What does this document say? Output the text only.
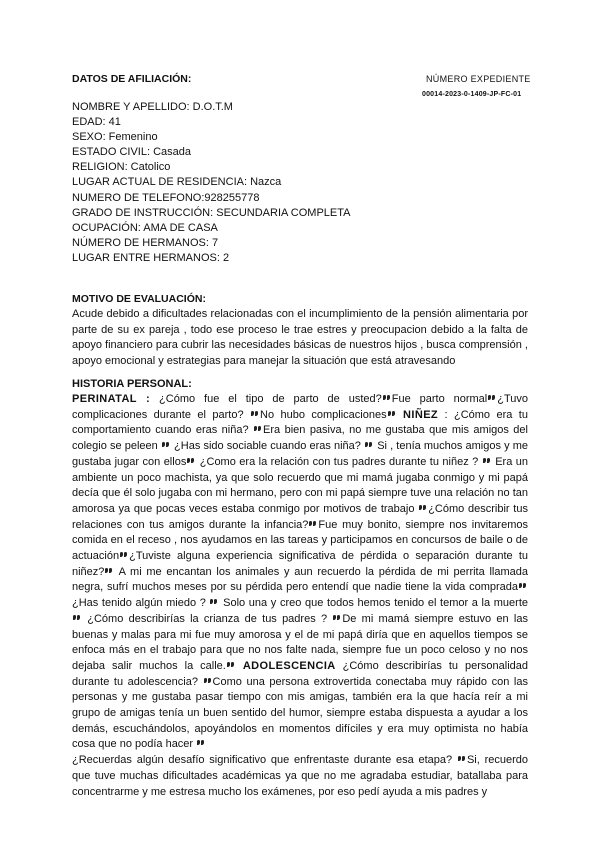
DATOS DE AFILIACIÓN:	NÚMERO EXPEDIENTE
00014-2023-0-1409-JP-FC-01
NOMBRE Y APELLIDO: D.O.T.M
EDAD: 41
SEXO: Femenino
ESTADO CIVIL: Casada
RELIGION: Catolico
LUGAR ACTUAL DE RESIDENCIA: Nazca
NUMERO DE TELEFONO:928255778
GRADO DE INSTRUCCIÓN: SECUNDARIA COMPLETA
OCUPACIÓN: AMA DE CASA
NÚMERO DE HERMANOS: 7
LUGAR ENTRE HERMANOS: 2
MOTIVO DE EVALUACIÓN:
Acude debido a dificultades relacionadas con el incumplimiento de la pensión alimentaria por parte de su ex pareja , todo ese proceso le trae estres y preocupacion debido a la falta de apoyo financiero para cubrir las necesidades básicas de nuestros hijos , busca comprensión , apoyo emocional y estrategias para manejar la situación que está atravesando
HISTORIA PERSONAL:

PERINATAL : ¿Cómo fue el tipo de parto de usted? Fue parto normal ¿Tuvo complicaciones durante el parto? No hubo complicaciones NIÑEZ : ¿Cómo era tu comportamiento cuando eras niña? Era bien pasiva, no me gustaba que mis amigos del colegio se peleen ¿Has sido sociable cuando eras niña? Si , tenía muchos amigos y me gustaba jugar con ellos ¿Como era la relación con tus padres durante tu niñez ? Era un ambiente un poco machista, ya que solo recuerdo que mi mamá jugaba conmigo y mi papá decía que él solo jugaba con mi hermano, pero con mi papá siempre tuve una relación no tan amorosa ya que pocas veces estaba conmigo por motivos de trabajo ¿Cómo describir tus relaciones con tus amigos durante la infancia? Fue muy bonito, siempre nos invitaremos comida en el receso , nos ayudamos en las tareas y participamos en concursos de baile o de actuación ¿Tuviste alguna experiencia significativa de pérdida o separación durante tu niñez? A mi me encantan los animales y aun recuerdo la pérdida de mi perrita llamada negra, sufrí muchos meses por su pérdida pero entendí que nadie tiene la vida comprada¿Has tenido algún miedo ? Solo una y creo que todos hemos tenido el temor a la muerte  ¿Cómo describirías la crianza de tus padres ? De mi mamá siempre estuvo en las buenas y malas para mi fue muy amorosa y el de mi papá diría que en aquellos tiempos se enfoca más en el trabajo para que no nos falte nada, siempre fue un poco celoso y no nos dejaba salir muchos la calle. ADOLESCENCIA ¿Cómo describirías tu personalidad durante tu adolescencia? Como una persona extrovertida conectaba muy rápido con las personas y me gustaba pasar tiempo con mis amigas, también era la que hacía reír a mi grupo de amigas tenía un buen sentido del humor, siempre estaba dispuesta a ayudar a los demás, escuchándolos, apoyándolos en momentos difíciles y era muy optimista no había cosa que no podía hacer

¿Recuerdas algún desafío significativo que enfrentaste durante esa etapa? Si, recuerdo que tuve muchas dificultades académicas ya que no me agradaba estudiar, batallaba para concentrarme y me estresa mucho los exámenes, por eso pedí ayuda a mis padres y
